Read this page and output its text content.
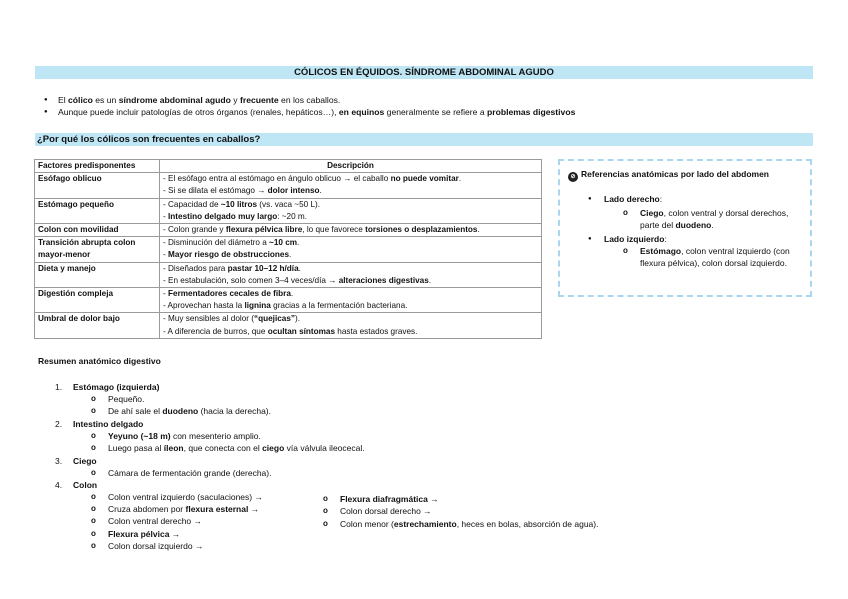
CÓLICOS EN ÉQUIDOS. SÍNDROME ABDOMINAL AGUDO
● El cólico es un síndrome abdominal agudo y frecuente en los caballos.
● Aunque puede incluir patologías de otros órganos (renales, hepáticos…), en equinos generalmente se refiere a problemas digestivos
¿Por qué los cólicos son frecuentes en caballos?
Factores predisponentes	Descripción
Esófago oblicuo	- El esófago entra al estómago en ángulo oblicuo → el caballo no puede vomitar.
- Si se dilata el estómago → dolor intenso.

Estómago pequeño	- Capacidad de ~10 litros (vs. vaca ~50 L).
- Intestino delgado muy largo: ~20 m.

Colon con movilidad	- Colon grande y flexura pélvica libre, lo que favorece torsiones o desplazamientos.

Transición abrupta colon mayor-menor	- Disminución del diámetro a ~10 cm.
- Mayor riesgo de obstrucciones.

Dieta y manejo	- Diseñados para pastar 10–12 h/día.
- En estabulación, solo comen 3–4 veces/día → alteraciones digestivas.

Digestión compleja	- Fermentadores cecales de fibra.
- Aprovechan hasta la lignina gracias a la fermentación bacteriana.

Umbral de dolor bajo	- Muy sensibles al dolor (“quejicas”).
- A diferencia de burros, que ocultan síntomas hasta estados graves.
⊘ Referencias anatómicas por lado del abdomen
● Lado derecho:
o Ciego, colon ventral y dorsal derechos, parte del duodeno.
● Lado izquierdo:
o Estómago, colon ventral izquierdo (con flexura pélvica), colon dorsal izquierdo.
Resumen anatómico digestivo
1. Estómago (izquierda)
o Pequeño.
o De ahí sale el duodeno (hacia la derecha).
2. Intestino delgado
o Yeyuno (~18 m) con mesenterio amplio.
o Luego pasa al íleon, que conecta con el ciego vía válvula ileocecal.
3. Ciego
o Cámara de fermentación grande (derecha).
4. Colon
o Colon ventral izquierdo (saculaciones) →
o Cruza abdomen por flexura esternal →
o Colon ventral derecho →
o Flexura pélvica →
o Colon dorsal izquierdo →
o Flexura diafragmática →
o Colon dorsal derecho →
o Colon menor (estrechamiento, heces en bolas, absorción de agua).
